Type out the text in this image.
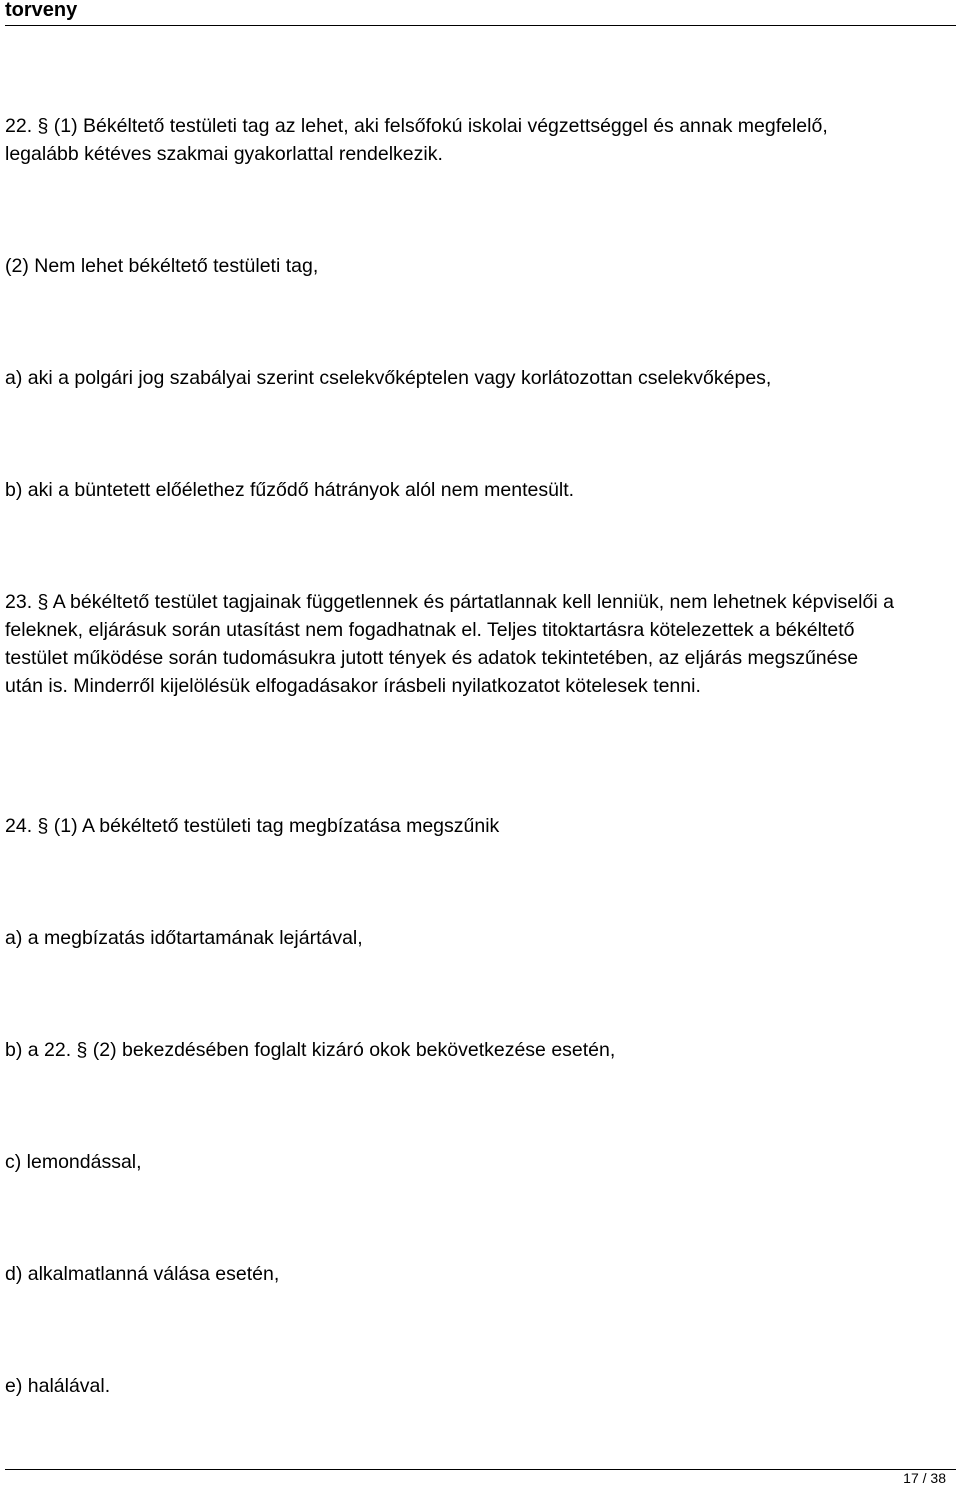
torveny

22. § (1) Békéltető testületi tag az lehet, aki felsőfokú iskolai végzettséggel és annak megfelelő, legalább kétéves szakmai gyakorlattal rendelkezik.

(2) Nem lehet békéltető testületi tag,

a) aki a polgári jog szabályai szerint cselekvőképtelen vagy korlátozottan cselekvőképes,

b) aki a büntetett előélethez fűződő hátrányok alól nem mentesült.

23. § A békéltető testület tagjainak függetlennek és pártatlannak kell lenniük, nem lehetnek képviselői a feleknek, eljárásuk során utasítást nem fogadhatnak el. Teljes titoktartásra kötelezettek a békéltető testület működése során tudomásukra jutott tények és adatok tekintetében, az eljárás megszűnése után is. Minderről kijelölésük elfogadásakor írásbeli nyilatkozatot kötelesek tenni.

24. § (1) A békéltető testületi tag megbízatása megszűnik

a) a megbízatás időtartamának lejártával,

b) a 22. § (2) bekezdésében foglalt kizáró okok bekövetkezése esetén,

c) lemondással,

d) alkalmatlanná válása esetén,

e) halálával.

17 / 38
